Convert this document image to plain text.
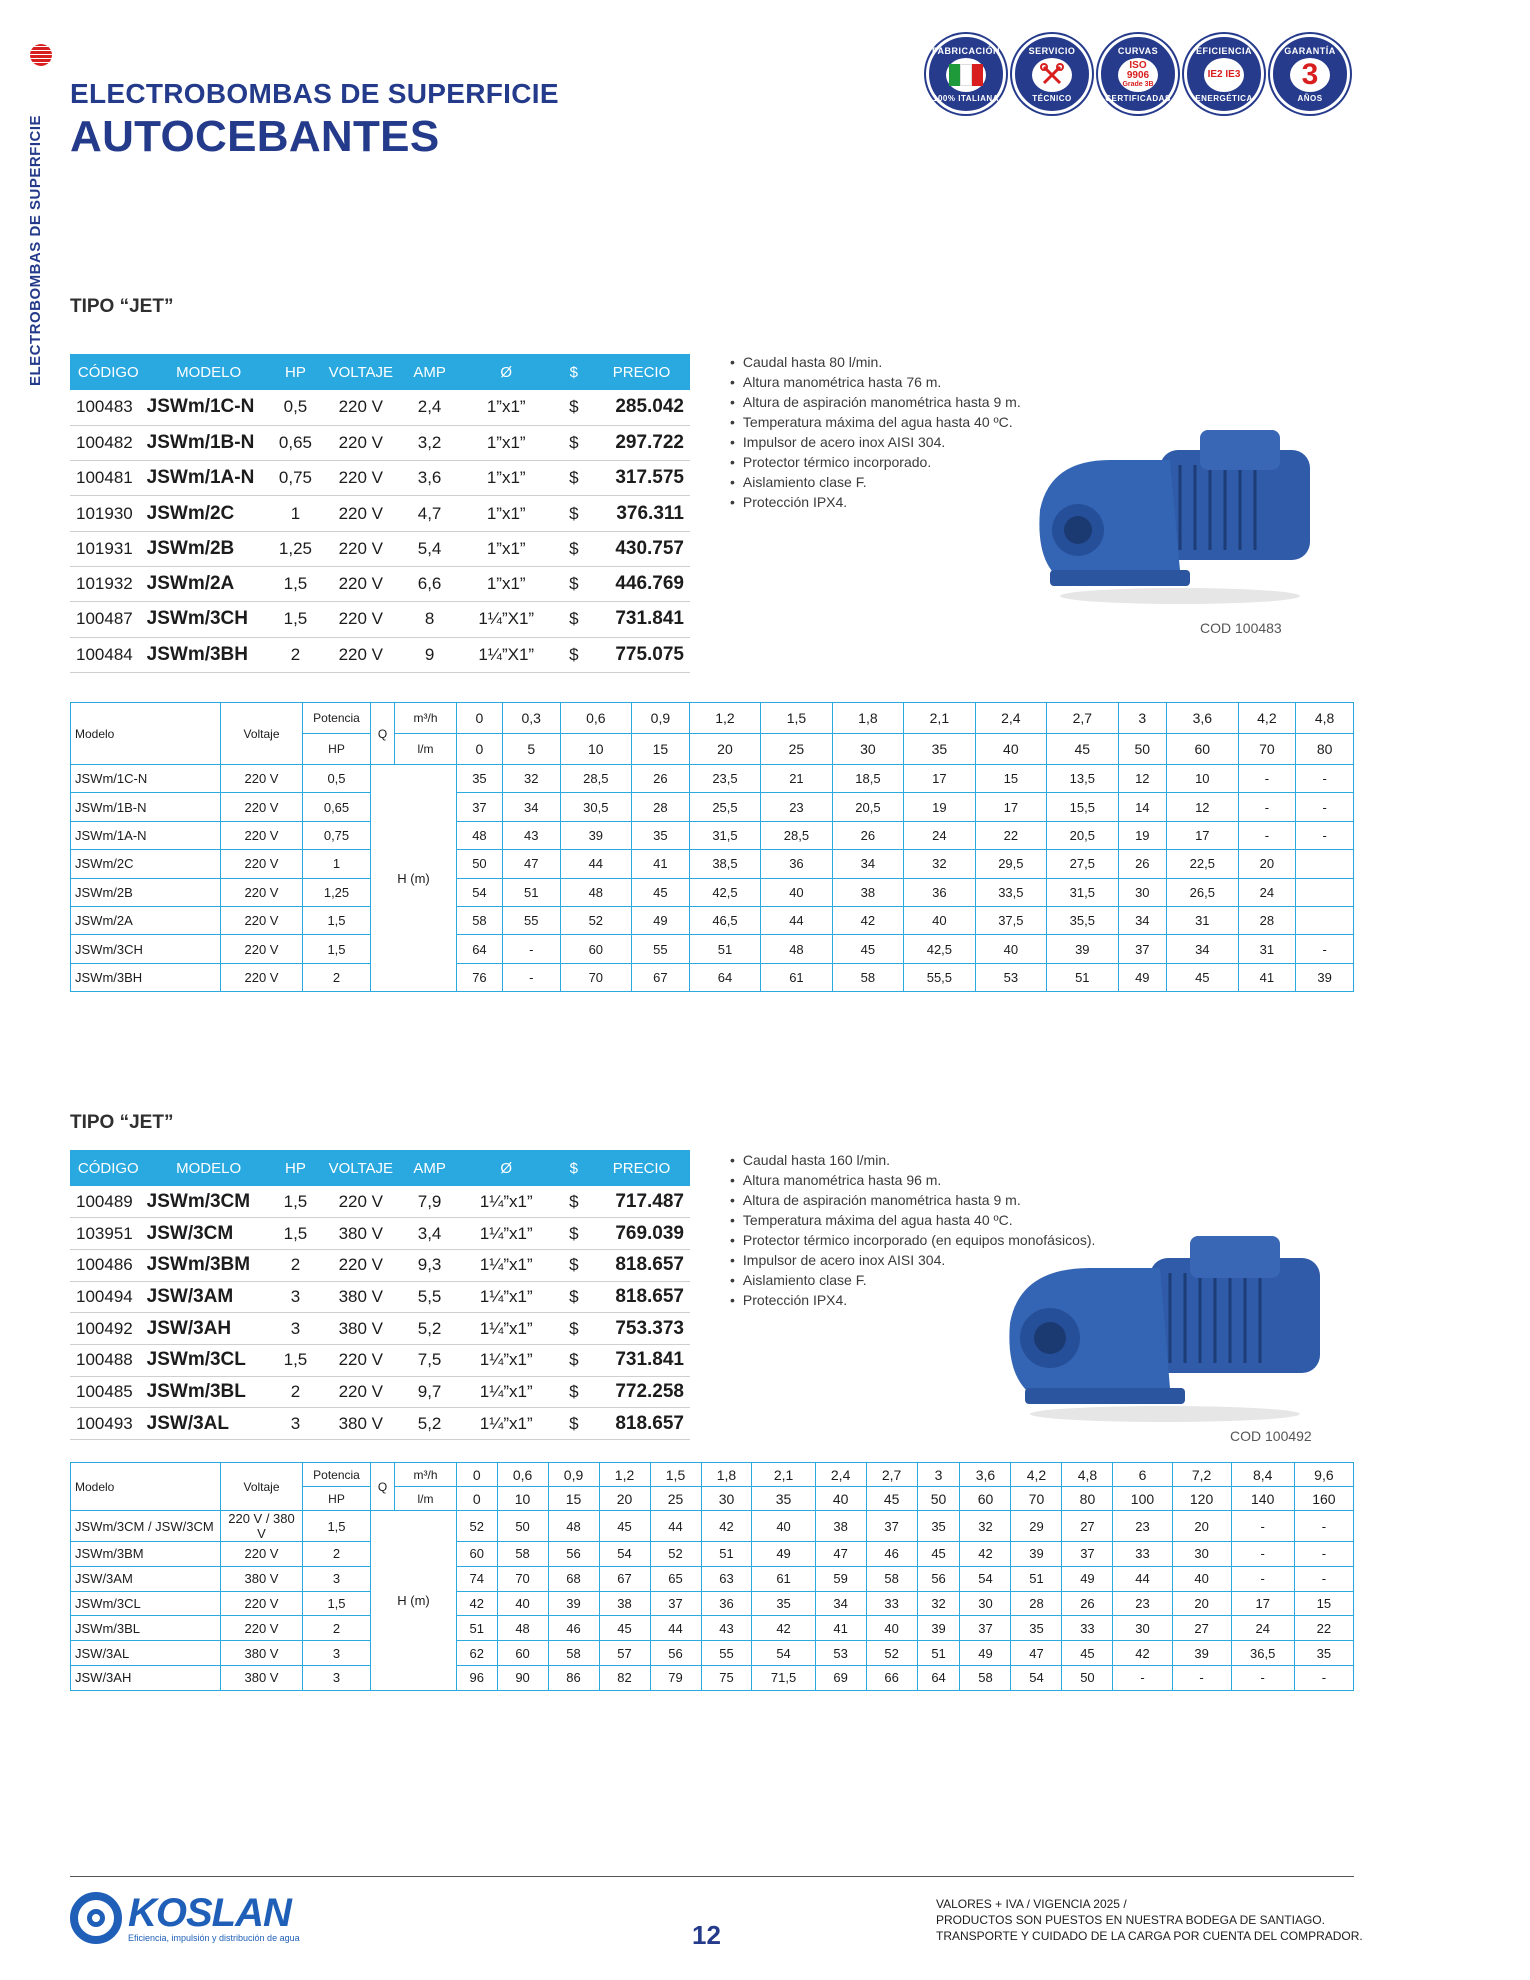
ELECTROBOMBAS DE SUPERFICIE
ELECTROBOMBAS DE SUPERFICIE
AUTOCEBANTES
FABRICACIÓN
100% ITALIANA
SERVICIO
TÉCNICO
CURVAS
ISO 9906
Grade 3B
CERTIFICADAS
EFICIENCIA
IE2 IE3
ENERGÉTICA
GARANTÍA
3
AÑOS
TIPO “JET”
CÓDIGO	MODELO	HP	VOLTAJE	AMP	Ø	$	PRECIO
100483	JSWm/1C-N	0,5	220 V	2,4	1”x1”	$	285.042
100482	JSWm/1B-N	0,65	220 V	3,2	1”x1”	$	297.722
100481	JSWm/1A-N	0,75	220 V	3,6	1”x1”	$	317.575
101930	JSWm/2C	1	220 V	4,7	1”x1”	$	376.311
101931	JSWm/2B	1,25	220 V	5,4	1”x1”	$	430.757
101932	JSWm/2A	1,5	220 V	6,6	1”x1”	$	446.769
100487	JSWm/3CH	1,5	220 V	8	1¼”X1”	$	731.841
100484	JSWm/3BH	2	220 V	9	1¼”X1”	$	775.075
• Caudal hasta 80 l/min.
• Altura manométrica hasta 76 m.
• Altura de aspiración manométrica hasta 9 m.
• Temperatura máxima del agua hasta 40 ºC.
• Impulsor de acero inox AISI 304.
• Protector térmico incorporado.
• Aislamiento clase F.
• Protección IPX4.
COD 100483
Modelo	Voltaje	Potencia	Q	m³/h	0	0,3	0,6	0,9	1,2	1,5	1,8	2,1	2,4	2,7	3	3,6	4,2	4,8
		HP		l/m	0	5	10	15	20	25	30	35	40	45	50	60	70	80
JSWm/1C-N	220 V	0,5	H (m)		35	32	28,5	26	23,5	21	18,5	17	15	13,5	12	10	-	-
JSWm/1B-N	220 V	0,65			37	34	30,5	28	25,5	23	20,5	19	17	15,5	14	12	-	-
JSWm/1A-N	220 V	0,75			48	43	39	35	31,5	28,5	26	24	22	20,5	19	17	-	-
JSWm/2C	220 V	1			50	47	44	41	38,5	36	34	32	29,5	27,5	26	22,5	20	
JSWm/2B	220 V	1,25			54	51	48	45	42,5	40	38	36	33,5	31,5	30	26,5	24	
JSWm/2A	220 V	1,5			58	55	52	49	46,5	44	42	40	37,5	35,5	34	31	28	
JSWm/3CH	220 V	1,5			64	-	60	55	51	48	45	42,5	40	39	37	34	31	-
JSWm/3BH	220 V	2			76	-	70	67	64	61	58	55,5	53	51	49	45	41	39
TIPO “JET”
CÓDIGO	MODELO	HP	VOLTAJE	AMP	Ø	$	PRECIO
100489	JSWm/3CM	1,5	220 V	7,9	1¼”x1”	$	717.487
103951	JSW/3CM	1,5	380 V	3,4	1¼”x1”	$	769.039
100486	JSWm/3BM	2	220 V	9,3	1¼”x1”	$	818.657
100494	JSW/3AM	3	380 V	5,5	1¼”x1”	$	818.657
100492	JSW/3AH	3	380 V	5,2	1¼”x1”	$	753.373
100488	JSWm/3CL	1,5	220 V	7,5	1¼”x1”	$	731.841
100485	JSWm/3BL	2	220 V	9,7	1¼”x1”	$	772.258
100493	JSW/3AL	3	380 V	5,2	1¼”x1”	$	818.657
• Caudal hasta 160 l/min.
• Altura manométrica hasta 96 m.
• Altura de aspiración manométrica hasta 9 m.
• Temperatura máxima del agua hasta 40 ºC.
• Protector térmico incorporado (en equipos monofásicos).
• Impulsor de acero inox AISI 304.
• Aislamiento clase F.
• Protección IPX4.
COD 100492
Modelo	Voltaje	Potencia	Q	m³/h	0	0,6	0,9	1,2	1,5	1,8	2,1	2,4	2,7	3	3,6	4,2	4,8	6	7,2	8,4	9,6
		HP		l/m	0	10	15	20	25	30	35	40	45	50	60	70	80	100	120	140	160
JSWm/3CM / JSW/3CM	220 V / 380 V	1,5	H (m)		52	50	48	45	44	42	40	38	37	35	32	29	27	23	20	-	-
JSWm/3BM	220 V	2			60	58	56	54	52	51	49	47	46	45	42	39	37	33	30	-	-
JSW/3AM	380 V	3			74	70	68	67	65	63	61	59	58	56	54	51	49	44	40	-	-
JSWm/3CL	220 V	1,5			42	40	39	38	37	36	35	34	33	32	30	28	26	23	20	17	15
JSWm/3BL	220 V	2			51	48	46	45	44	43	42	41	40	39	37	35	33	30	27	24	22
JSW/3AL	380 V	3			62	60	58	57	56	55	54	53	52	51	49	47	45	42	39	36,5	35
JSW/3AH	380 V	3			96	90	86	82	79	75	71,5	69	66	64	58	54	50	-	-	-	-
KOSLAN
Eficiencia, impulsión y distribución de agua	12
VALORES + IVA / VIGENCIA 2025 /
PRODUCTOS SON PUESTOS EN NUESTRA BODEGA DE SANTIAGO.
TRANSPORTE Y CUIDADO DE LA CARGA POR CUENTA DEL COMPRADOR.
